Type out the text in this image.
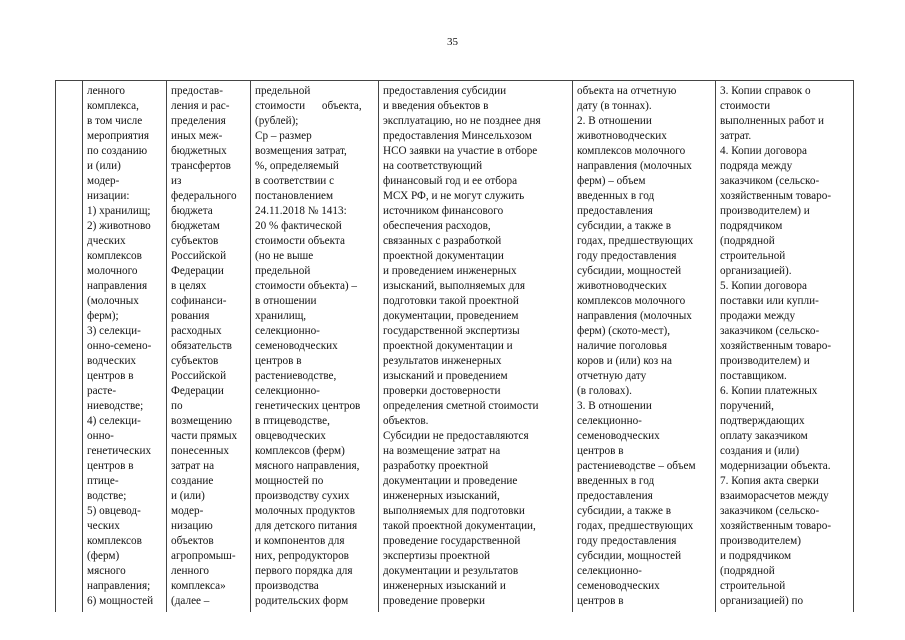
35
ленного
комплекса,
в том числе
мероприятия
по созданию
и (или)
модер-
низации:
1) хранилищ;
2) животново
дческих
комплексов
молочного
направления
(молочных
ферм);
3) селекци-
онно-семено-
водческих
центров в
расте-
ниеводстве;
4) селекци-
онно-
генетических
центров в
птице-
водстве;
5) овцевод-
ческих
комплексов
(ферм)
мясного
направления;
6) мощностей
предостав-
ления и рас-
пределения
иных меж-
бюджетных
трансфертов
из
федерального
бюджета
бюджетам
субъектов
Российской
Федерации
в целях
софинанси-
рования
расходных
обязательств
субъектов
Российской
Федерации
по
возмещению
части прямых
понесенных
затрат на
создание
и (или)
модер-
низацию
объектов
агропромыш-
ленного
комплекса»
(далее –
предельной
стоимости      объекта,
(рублей);
Ср – размер
возмещения затрат,
%, определяемый
в соответствии с
постановлением
24.11.2018 № 1413:
20 % фактической
стоимости объекта
(но не выше
предельной
стоимости объекта) –
в отношении
хранилищ,
селекционно-
семеноводческих
центров в
растениеводстве,
селекционно-
генетических центров
в птицеводстве,
овцеводческих
комплексов (ферм)
мясного направления,
мощностей по
производству сухих
молочных продуктов
для детского питания
и компонентов для
них, репродукторов
первого порядка для
производства
родительских форм
предоставления субсидии
и введения объектов в
эксплуатацию, но не позднее дня
предоставления Минсельхозом
НСО заявки на участие в отборе
на соответствующий
финансовый год и ее отбора
МСХ РФ, и не могут служить
источником финансового
обеспечения расходов,
связанных с разработкой
проектной документации
и проведением инженерных
изысканий, выполняемых для
подготовки такой проектной
документации, проведением
государственной экспертизы
проектной документации и
результатов инженерных
изысканий и проведением
проверки достоверности
определения сметной стоимости
объектов.
Субсидии не предоставляются
на возмещение затрат на
разработку проектной
документации и проведение
инженерных изысканий,
выполняемых для подготовки
такой проектной документации,
проведение государственной
экспертизы проектной
документации и результатов
инженерных изысканий и
проведение проверки
объекта на отчетную
дату (в тоннах).
2. В отношении
животноводческих
комплексов молочного
направления (молочных
ферм) – объем
введенных в год
предоставления
субсидии, а также в
годах, предшествующих
году предоставления
субсидии, мощностей
животноводческих
комплексов молочного
направления (молочных
ферм) (ското-мест),
наличие поголовья
коров и (или) коз на
отчетную дату
(в головах).
3. В отношении
селекционно-
семеноводческих
центров в
растениеводстве – объем
введенных в год
предоставления
субсидии, а также в
годах, предшествующих
году предоставления
субсидии, мощностей
селекционно-
семеноводческих
центров в
3. Копии справок о
стоимости
выполненных работ и
затрат.
4. Копии договора
подряда между
заказчиком (сельско-
хозяйственным товаро-
производителем) и
подрядчиком
(подрядной
строительной
организацией).
5. Копии договора
поставки или купли-
продажи между
заказчиком (сельско-
хозяйственным товаро-
производителем) и
поставщиком.
6. Копии платежных
поручений,
подтверждающих
оплату заказчиком
создания и (или)
модернизации объекта.
7. Копия акта сверки
взаиморасчетов между
заказчиком (сельско-
хозяйственным товаро-
производителем)
и подрядчиком
(подрядной
строительной
организацией) по
